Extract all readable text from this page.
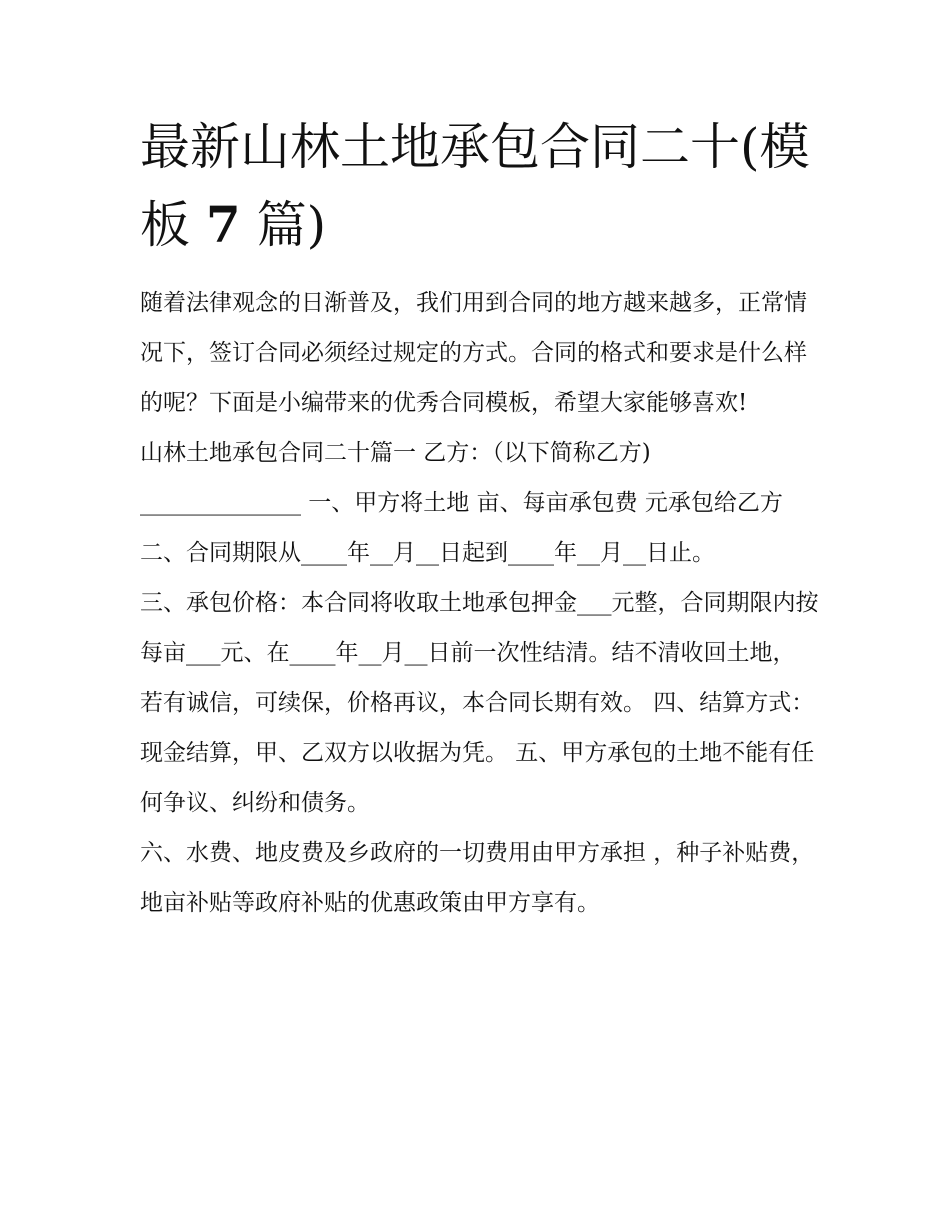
最新山林土地承包合同二十(模
板 7 篇)

随着法律观念的日渐普及，我们用到合同的地方越来越多，正常情况下，签订合同必须经过规定的方式。合同的格式和要求是什么样的呢？下面是小编带来的优秀合同模板，希望大家能够喜欢!

山林土地承包合同二十篇一 乙方：（以下简称乙方)

______________ 一、甲方将土地 亩、每亩承包费 元承包给乙方

二、合同期限从____年__月__日起到____年__月__日止。

三、承包价格：本合同将收取土地承包押金___元整，合同期限内按每亩___元、在____年__月__日前一次性结清。结不清收回土地，

若有诚信，可续保，价格再议，本合同长期有效。 四、结算方式：现金结算，甲、乙双方以收据为凭。 五、甲方承包的土地不能有任何争议、纠纷和债务。

六、水费、地皮费及乡政府的一切费用由甲方承担 ，种子补贴费，地亩补贴等政府补贴的优惠政策由甲方享有。
